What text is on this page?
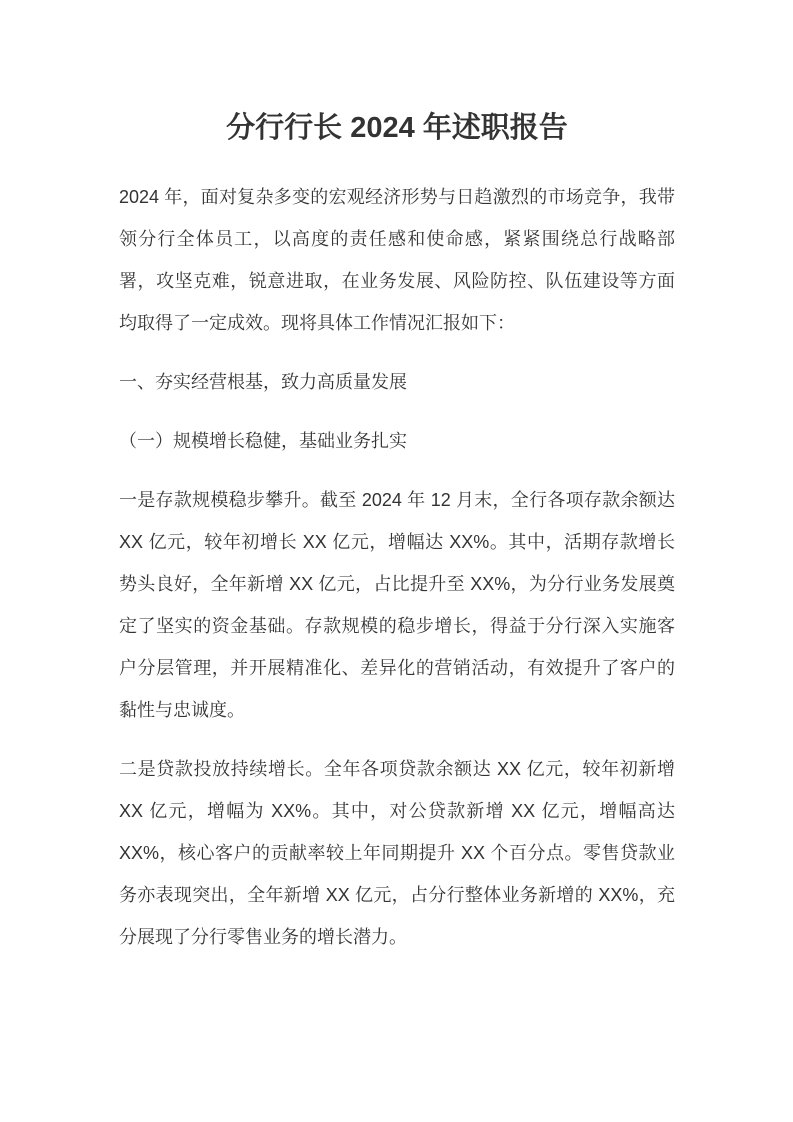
分行行长 2024 年述职报告

2024 年，面对复杂多变的宏观经济形势与日趋激烈的市场竞争，我带领分行全体员工，以高度的责任感和使命感，紧紧围绕总行战略部署，攻坚克难，锐意进取，在业务发展、风险防控、队伍建设等方面均取得了一定成效。现将具体工作情况汇报如下：

一、夯实经营根基，致力高质量发展

（一）规模增长稳健，基础业务扎实

一是存款规模稳步攀升。截至 2024 年 12 月末，全行各项存款余额达 XX 亿元，较年初增长 XX 亿元，增幅达 XX%。其中，活期存款增长势头良好，全年新增 XX 亿元，占比提升至 XX%，为分行业务发展奠定了坚实的资金基础。存款规模的稳步增长，得益于分行深入实施客户分层管理，并开展精准化、差异化的营销活动，有效提升了客户的黏性与忠诚度。

二是贷款投放持续增长。全年各项贷款余额达 XX 亿元，较年初新增 XX 亿元，增幅为 XX%。其中，对公贷款新增 XX 亿元，增幅高达 XX%，核心客户的贡献率较上年同期提升 XX 个百分点。零售贷款业务亦表现突出，全年新增 XX 亿元，占分行整体业务新增的 XX%，充分展现了分行零售业务的增长潜力。
